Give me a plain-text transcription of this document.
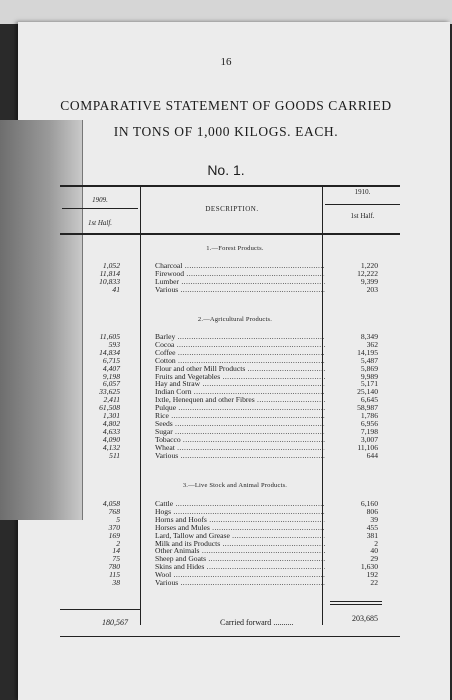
16
COMPARATIVE STATEMENT OF GOODS CARRIED
IN TONS OF 1,000 KILOGS. EACH.
No. 1.
1909.
1st Half.
DESCRIPTION.
1910.
1st Half.
1.—Forest Products.
1,052	Charcoal .....	1,220
11,814	Firewood .....	12,222
10,833	Lumber .....	9,399
41	Various .....	203
2.—Agricultural Products.
11,605	Barley .....	8,349
593	Cocoa .....	362
14,834	Coffee .....	14,195
6,715	Cotton .....	5,487
4,407	Flour and other Mill Products .....	5,869
9,198	Fruits and Vegetables .....	9,989
6,057	Hay and Straw .....	5,171
33,625	Indian Corn .....	25,140
2,411	Ixtle, Henequen and other Fibres .....	6,645
61,508	Pulque .....	58,987
1,301	Rice .....	1,786
4,802	Seeds .....	6,956
4,633	Sugar .....	7,198
4,090	Tobacco .....	3,007
4,132	Wheat .....	11,106
511	Various .....	644
3.—Live Stock and Animal Products.
4,058	Cattle .....	6,160
768	Hogs .....	806
5	Horns and Hoofs .....	39
370	Horses and Mules .....	455
169	Lard, Tallow and Grease .....	381
2	Milk and its Products .....	2
14	Other Animals .....	40
75	Sheep and Goats .....	29
780	Skins and Hides .....	1,630
115	Wool .....	192
38	Various .....	22
180,567	Carried forward ..........	203,685
